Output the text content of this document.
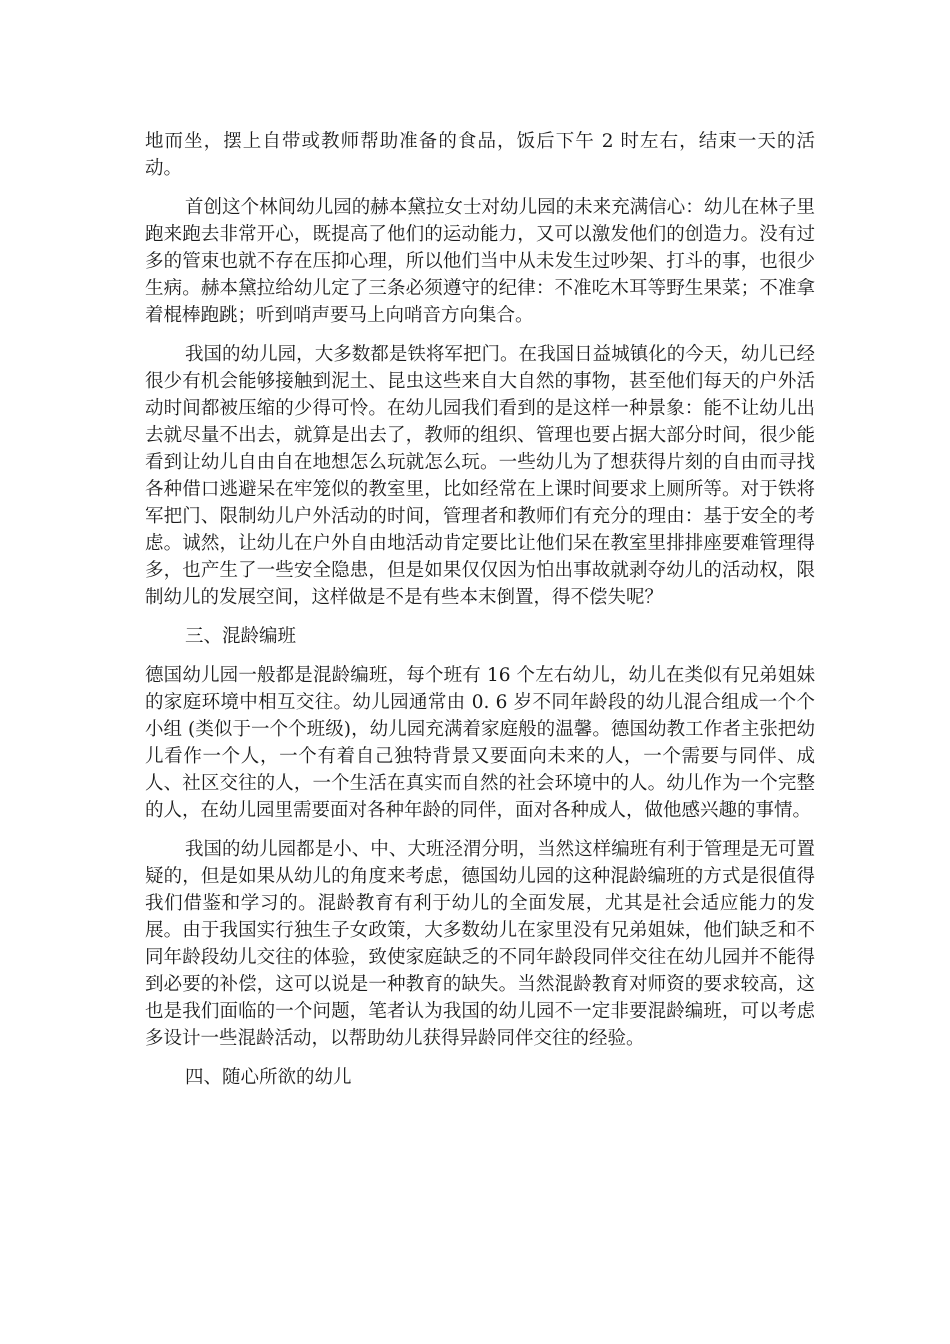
地而坐，摆上自带或教师帮助准备的食品，饭后下午 2 时左右，结束一天的活动。

首创这个林间幼儿园的赫本黛拉女士对幼儿园的未来充满信心：幼儿在林子里跑来跑去非常开心，既提高了他们的运动能力，又可以激发他们的创造力。没有过多的管束也就不存在压抑心理，所以他们当中从未发生过吵架、打斗的事，也很少生病。赫本黛拉给幼儿定了三条必须遵守的纪律：不准吃木耳等野生果菜；不准拿着棍棒跑跳；听到哨声要马上向哨音方向集合。

我国的幼儿园，大多数都是铁将军把门。在我国日益城镇化的今天，幼儿已经很少有机会能够接触到泥土、昆虫这些来自大自然的事物，甚至他们每天的户外活动时间都被压缩的少得可怜。在幼儿园我们看到的是这样一种景象：能不让幼儿出去就尽量不出去，就算是出去了，教师的组织、管理也要占据大部分时间，很少能看到让幼儿自由自在地想怎么玩就怎么玩。一些幼儿为了想获得片刻的自由而寻找各种借口逃避呆在牢笼似的教室里，比如经常在上课时间要求上厕所等。对于铁将军把门、限制幼儿户外活动的时间，管理者和教师们有充分的理由：基于安全的考虑。诚然，让幼儿在户外自由地活动肯定要比让他们呆在教室里排排座要难管理得多，也产生了一些安全隐患，但是如果仅仅因为怕出事故就剥夺幼儿的活动权，限制幼儿的发展空间，这样做是不是有些本末倒置，得不偿失呢？

三、混龄编班

德国幼儿园一般都是混龄编班，每个班有 16 个左右幼儿，幼儿在类似有兄弟姐妹的家庭环境中相互交往。幼儿园通常由 0. 6 岁不同年龄段的幼儿混合组成一个个小组 (类似于一个个班级)，幼儿园充满着家庭般的温馨。德国幼教工作者主张把幼儿看作一个人，一个有着自己独特背景又要面向未来的人，一个需要与同伴、成人、社区交往的人，一个生活在真实而自然的社会环境中的人。幼儿作为一个完整的人，在幼儿园里需要面对各种年龄的同伴，面对各种成人，做他感兴趣的事情。

我国的幼儿园都是小、中、大班泾渭分明，当然这样编班有利于管理是无可置疑的，但是如果从幼儿的角度来考虑，德国幼儿园的这种混龄编班的方式是很值得我们借鉴和学习的。混龄教育有利于幼儿的全面发展，尤其是社会适应能力的发展。由于我国实行独生子女政策，大多数幼儿在家里没有兄弟姐妹，他们缺乏和不同年龄段幼儿交往的体验，致使家庭缺乏的不同年龄段同伴交往在幼儿园并不能得到必要的补偿，这可以说是一种教育的缺失。当然混龄教育对师资的要求较高，这也是我们面临的一个问题，笔者认为我国的幼儿园不一定非要混龄编班，可以考虑多设计一些混龄活动，以帮助幼儿获得异龄同伴交往的经验。

四、随心所欲的幼儿
